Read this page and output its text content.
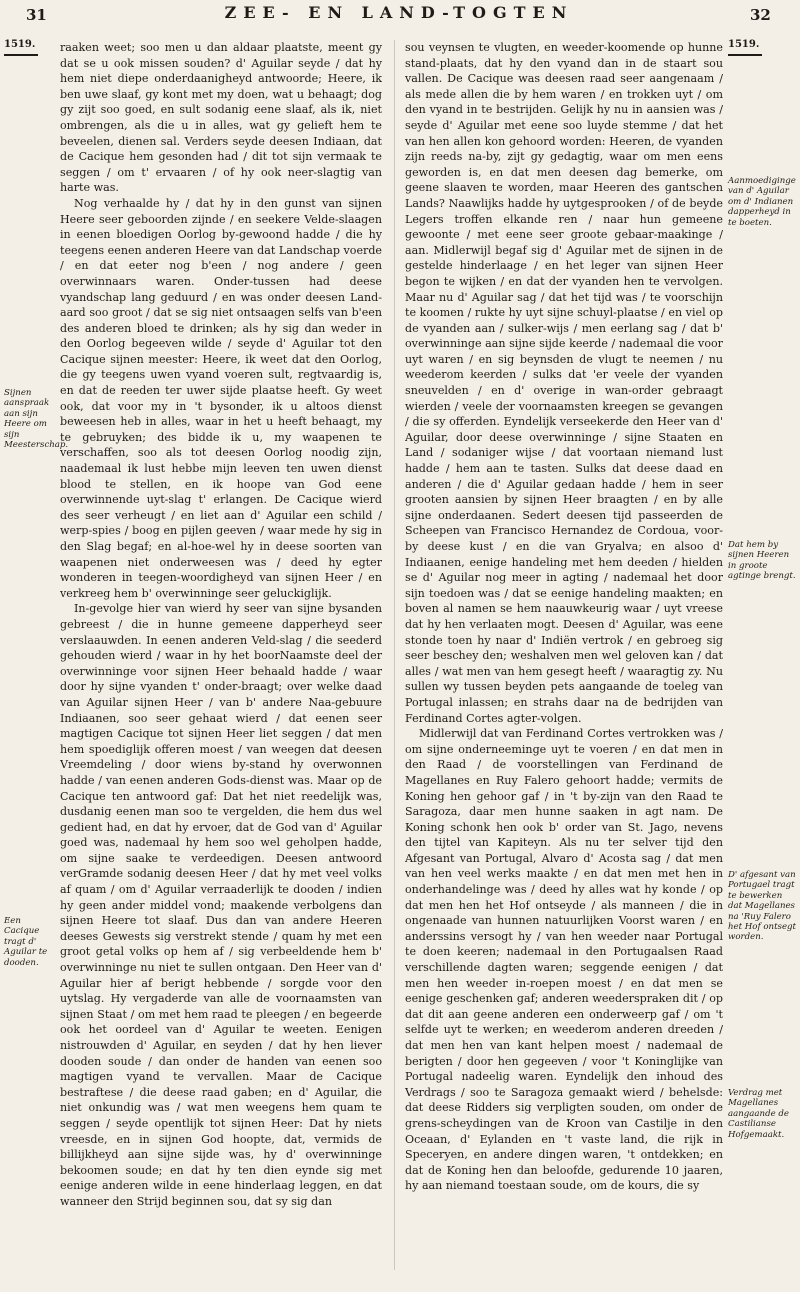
31	ZEE- EN LAND-TOGTEN	32
1519.
Sijnen aanspraak aan sijn Heere om sijn Meesterschap.
Een Cacique tragt d' Aguilar te dooden.
1519.
Aanmoediginge van d' Aguilar om d' Indianen dapperheyd in te boeten.
Dat hem by sijnen Heeren in groote agtinge brengt.
D' afgesant van Portugael tragt te bewerken dat Magellanes na 'Ruy Falero het Hof ontsegt worden.
Verdrag met Magellanes aangaande de Castilianse Hofgemaakt.

raaken weet; soo men u dan aldaar plaatste, meent gy dat se u ook missen souden? d' Aguilar seyde / dat hy hem niet diepe onderdaanigheyd antwoorde; Heere, ik ben uwe slaaf, gy kont met my doen, wat u behaagt; dog gy zijt soo goed, en sult sodanig eene slaaf, als ik, niet ombrengen, als die u in alles, wat gy gelieft hem te beveelen, dienen sal. Verders seyde deesen Indiaan, dat de Cacique hem gesonden had / dit tot sijn vermaak te seggen / om t' ervaaren / of hy ook neer-slagtig van harte was.

Nog verhaalde hy / dat hy in den gunst van sijnen Heere seer geboorden zijnde / en seekere Velde-slaagen in eenen bloedigen Oorlog by-gewoond hadde / die hy teegens eenen anderen Heere van dat Landschap voerde / en dat eeter nog b'een / nog andere / geen overwinnaars waren. Onder-tussen had deese vyandschap lang geduurd / en was onder deesen Land-aard soo groot / dat se sig niet ontsaagen selfs van b'een des anderen bloed te drinken; als hy sig dan weder in den Oorlog begeeven wilde / seyde d' Aguilar tot den Cacique sijnen meester: Heere, ik weet dat den Oorlog, die gy teegens uwen vyand voeren sult, regtvaardig is, en dat de reeden ter uwer sijde plaatse heeft. Gy weet ook, dat voor my in 't bysonder, ik u altoos dienst beweesen heb in alles, waar in het u heeft behaagt, my te gebruyken; des bidde ik u, my waapenen te verschaffen, soo als tot deesen Oorlog noodig zijn, naademaal ik lust hebbe mijn leeven ten uwen dienst blood te stellen, en ik hoope van God eene overwinnende uyt-slag t' erlangen. De Cacique wierd des seer verheugt / en liet aan d' Aguilar een schild / werp-spies / boog en pijlen geeven / waar mede hy sig in den Slag begaf; en al-hoe-wel hy in deese soorten van waapenen niet onderweesen was / deed hy egter wonderen in teegen-woordigheyd van sijnen Heer / en verkreeg hem b' overwinninge seer geluckiglijk.

In-gevolge hier van wierd hy seer van sijne bysanden gebreest / die in hunne gemeene dapperheyd seer verslaauwden. In eenen anderen Veld-slag / die seederd gehouden wierd / waar in hy het boorNaamste deel der overwinninge voor sijnen Heer behaald hadde / waar door hy sijne vyanden t' onder-braagt; over welke daad van Aguilar sijnen Heer / van b' andere Naa-gebuure Indiaanen, soo seer gehaat wierd / dat eenen seer magtigen Cacique tot sijnen Heer liet seggen / dat men hem spoediglijk offeren moest / van weegen dat deesen Vreemdeling / door wiens by-stand hy overwonnen hadde / van eenen anderen Gods-dienst was. Maar op de Cacique ten antwoord gaf: Dat het niet reedelijk was, dusdanig eenen man soo te vergelden, die hem dus wel gedient had, en dat hy ervoer, dat de God van d' Aguilar goed was, nademaal hy hem soo wel geholpen hadde, om sijne saake te verdeedigen. Deesen antwoord verGramde sodanig deesen Heer / dat hy met veel volks af quam / om d' Aguilar verraaderlijk te dooden / indien hy geen ander middel vond; maakende verbolgens dan sijnen Heere tot slaaf. Dus dan van andere Heeren deeses Gewests sig verstrekt stende / quam hy met een groot getal volks op hem af / sig verbeeldende hem b' overwinninge nu niet te sullen ontgaan. Den Heer van d' Aguilar hier af berigt hebbende / sorgde voor den uytslag. Hy vergaderde van alle de voornaamsten van sijnen Staat / om met hem raad te pleegen / en begeerde ook het oordeel van d' Aguilar te weeten. Eenigen nistrouwden d' Aguilar, en seyden / dat hy hen liever dooden soude / dan onder de handen van eenen soo magtigen vyand te vervallen. Maar de Cacique bestraftese / die deese raad gaben; en d' Aguilar, die niet onkundig was / wat men weegens hem quam te seggen / seyde opentlijk tot sijnen Heer: Dat hy niets vreesde, en in sijnen God hoopte, dat, vermids de billijkheyd aan sijne sijde was, hy d' overwinninge bekoomen soude; en dat hy ten dien eynde sig met eenige anderen wilde in eene hinderlaag leggen, en dat wanneer den Strijd beginnen sou, dat sy sig dan

sou veynsen te vlugten, en weeder-koomende op hunne stand-plaats, dat hy den vyand dan in de staart sou vallen. De Cacique was deesen raad seer aangenaam / als mede allen die by hem waren / en trokken uyt / om den vyand in te bestrijden. Gelijk hy nu in aansien was / seyde d' Aguilar met eene soo luyde stemme / dat het van hen allen kon gehoord worden: Heeren, de vyanden zijn reeds na-by, zijt gy gedagtig, waar om men eens geworden is, en dat men deesen dag bemerke, om geene slaaven te worden, maar Heeren des gantschen Lands? Naawlijks hadde hy uytgesprooken / of de beyde Legers troffen elkande ren / naar hun gemeene gewoonte / met eene seer groote gebaar-maakinge / aan. Midlerwijl begaf sig d' Aguilar met de sijnen in de gestelde hinderlaage / en het leger van sijnen Heer begon te wijken / en dat der vyanden hen te vervolgen. Maar nu d' Aguilar sag / dat het tijd was / te voorschijn te koomen / rukte hy uyt sijne schuyl-plaatse / en viel op de vyanden aan / sulker-wijs / men eerlang sag / dat b' overwinninge aan sijne sijde keerde / nademaal die voor uyt waren / en sig beynsden de vlugt te neemen / nu weederom keerden / sulks dat 'er veele der vyanden sneuvelden / en d' overige in wan-order gebraagt wierden / veele der voornaamsten kreegen se gevangen / die sy offerden. Eyndelijk verseekerde den Heer van d' Aguilar, door deese overwinninge / sijne Staaten en Land / sodaniger wijse / dat voortaan niemand lust hadde / hem aan te tasten. Sulks dat deese daad en anderen / die d' Aguilar gedaan hadde / hem in seer grooten aansien by sijnen Heer braagten / en by alle sijne onderdaanen. Sedert deesen tijd passeerden de Scheepen van Francisco Hernandez de Cordoua, voor-by deese kust / en die van Gryalva; en alsoo d' Indiaanen, eenige handeling met hem deeden / hielden se d' Aguilar nog meer in agting / nademaal het door sijn toedoen was / dat se eenige handeling maakten; en boven al namen se hem naauwkeurig waar / uyt vreese dat hy hen verlaaten mogt. Deesen d' Aguilar, was eene stonde toen hy naar d' Indiën vertrok / en gebroeg sig seer beschey den; weshalven men wel geloven kan / dat alles / wat men van hem gesegt heeft / waaragtig zy. Nu sullen wy tussen beyden pets aangaande de toeleg van Portugal inlassen; en strahs daar na de bedrijden van Ferdinand Cortes agter-volgen.

Midlerwijl dat van Ferdinand Cortes vertrokken was / om sijne onderneeminge uyt te voeren / en dat men in den Raad / de voorstellingen van Ferdinand de Magellanes en Ruy Falero gehoort hadde; vermits de Koning hen gehoor gaf / in 't by-zijn van den Raad te Saragoza, daar men hunne saaken in agt nam. De Koning schonk hen ook b' order van St. Jago, nevens den tijtel van Kapiteyn. Als nu ter selver tijd den Afgesant van Portugal, Alvaro d' Acosta sag / dat men van hen veel werks maakte / en dat men met hen in onderhandelinge was / deed hy alles wat hy konde / op dat men hen het Hof ontseyde / als manneen / die in ongenaade van hunnen natuurlijken Voorst waren / en anderssins versogt hy / van hen weeder naar Portugal te doen keeren; nademaal in den Portugaalsen Raad verschillende dagten waren; seggende eenigen / dat men hen weeder in-roepen moest / en dat men se eenige geschenken gaf; anderen weederspraken dit / op dat dit aan geene anderen een onderweerp gaf / om 't selfde uyt te werken; en weederom anderen dreeden / dat men hen van kant helpen moest / nademaal de berigten / door hen gegeeven / voor 't Koninglijke van Portugal nadeelig waren. Eyndelijk den inhoud des Verdrags / soo te Saragoza gemaakt wierd / behelsde: dat deese Ridders sig verpligten souden, om onder de grens-scheydingen van de Kroon van Castilje in den Oceaan, d' Eylanden en 't vaste land, die rijk in Speceryen, en andere dingen waren, 't ontdekken; en dat de Koning hen dan beloofde, gedurende 10 jaaren, hy aan niemand toestaan soude, om de kours, die sy
